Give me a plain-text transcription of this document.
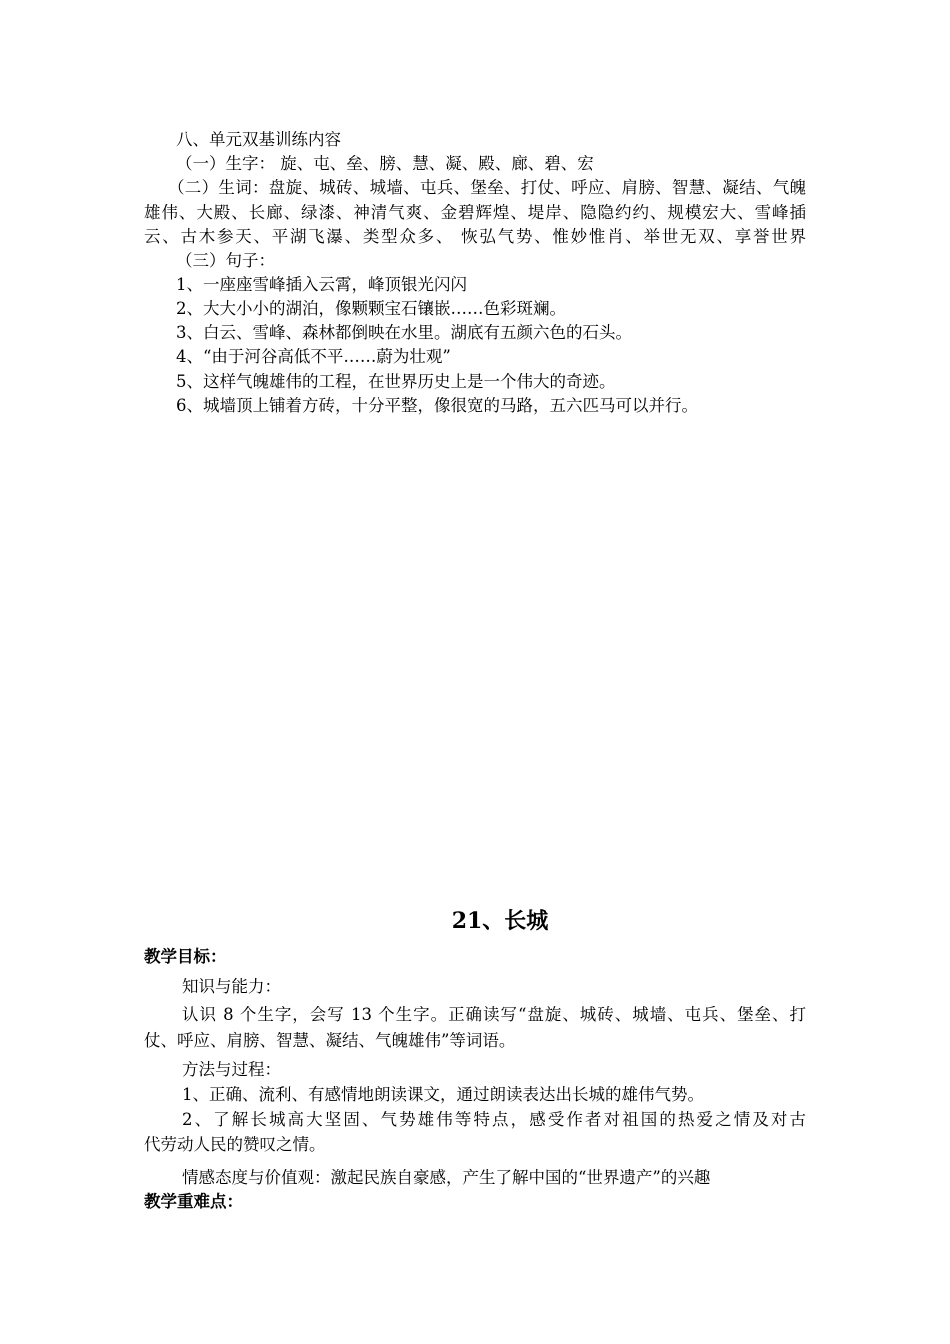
八、单元双基训练内容
（一）生字： 旋、屯、垒、膀、慧、凝、殿、廊、碧、宏
（二）生词：盘旋、城砖、城墙、屯兵、堡垒、打仗、呼应、肩膀、智慧、凝结、气魄
雄伟、大殿、长廊、绿漆、神清气爽、金碧辉煌、堤岸、隐隐约约、规模宏大、雪峰插
云、古木参天、平湖飞瀑、类型众多、 恢弘气势、惟妙惟肖、举世无双、享誉世界
（三）句子：
1、一座座雪峰插入云霄，峰顶银光闪闪
2、大大小小的湖泊，像颗颗宝石镶嵌……色彩斑斓。
3、白云、雪峰、森林都倒映在水里。湖底有五颜六色的石头。
4、“由于河谷高低不平……蔚为壮观”
5、这样气魄雄伟的工程，在世界历史上是一个伟大的奇迹。
6、城墙顶上铺着方砖，十分平整，像很宽的马路，五六匹马可以并行。
21、长城
教学目标：
知识与能力：
认识 8 个生字，会写 13 个生字。正确读写“盘旋、城砖、城墙、屯兵、堡垒、打
仗、呼应、肩膀、智慧、凝结、气魄雄伟”等词语。
方法与过程：
1、正确、流利、有感情地朗读课文，通过朗读表达出长城的雄伟气势。
2、了解长城高大坚固、气势雄伟等特点，感受作者对祖国的热爱之情及对古
代劳动人民的赞叹之情。
情感态度与价值观：激起民族自豪感，产生了解中国的“世界遗产”的兴趣
教学重难点：
